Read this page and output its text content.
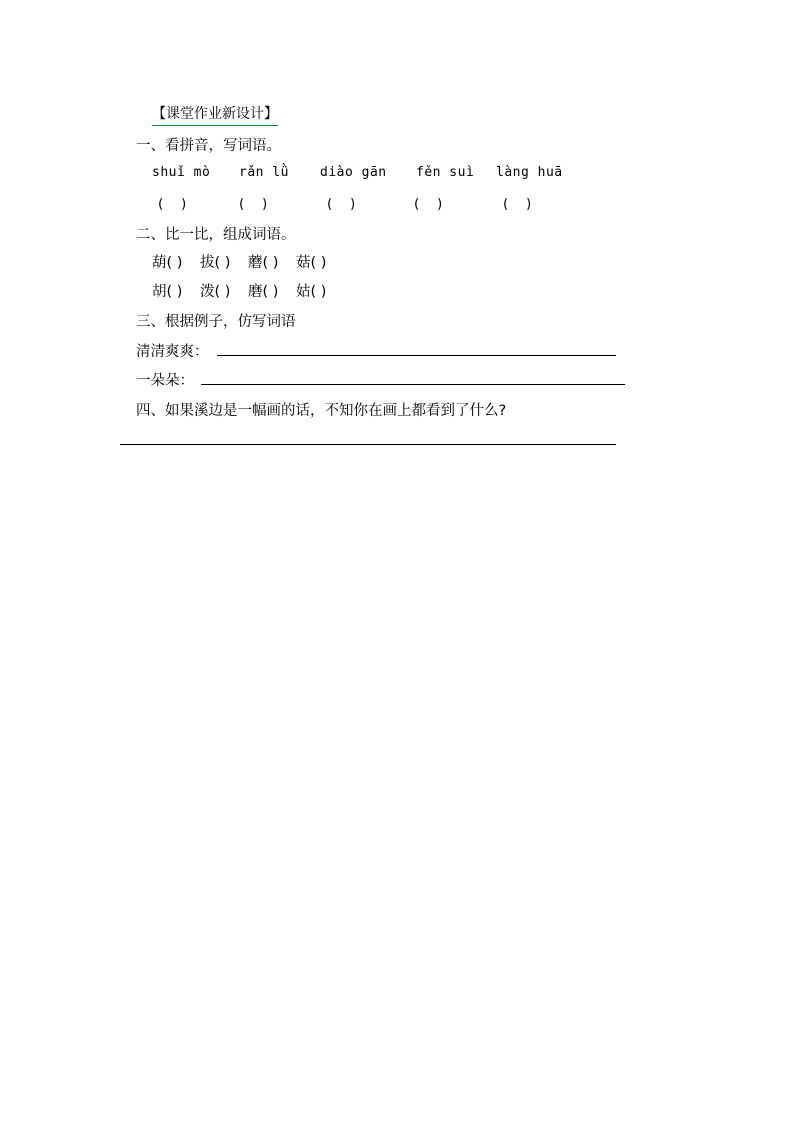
【课堂作业新设计】
一、看拼音，写词语。
shuǐ mò rǎn lǜ diào gān fěn suì làng huā
(　 )	(　 )	(　 )	(　 )	(　 )
二、比一比，组成词语。
葫( ) 拔( ) 蘑( ) 菇( )
胡( ) 泼( ) 磨( ) 姑( )
三、根据例子，仿写词语
清清爽爽：
一朵朵：
四、如果溪边是一幅画的话，不知你在画上都看到了什么?
